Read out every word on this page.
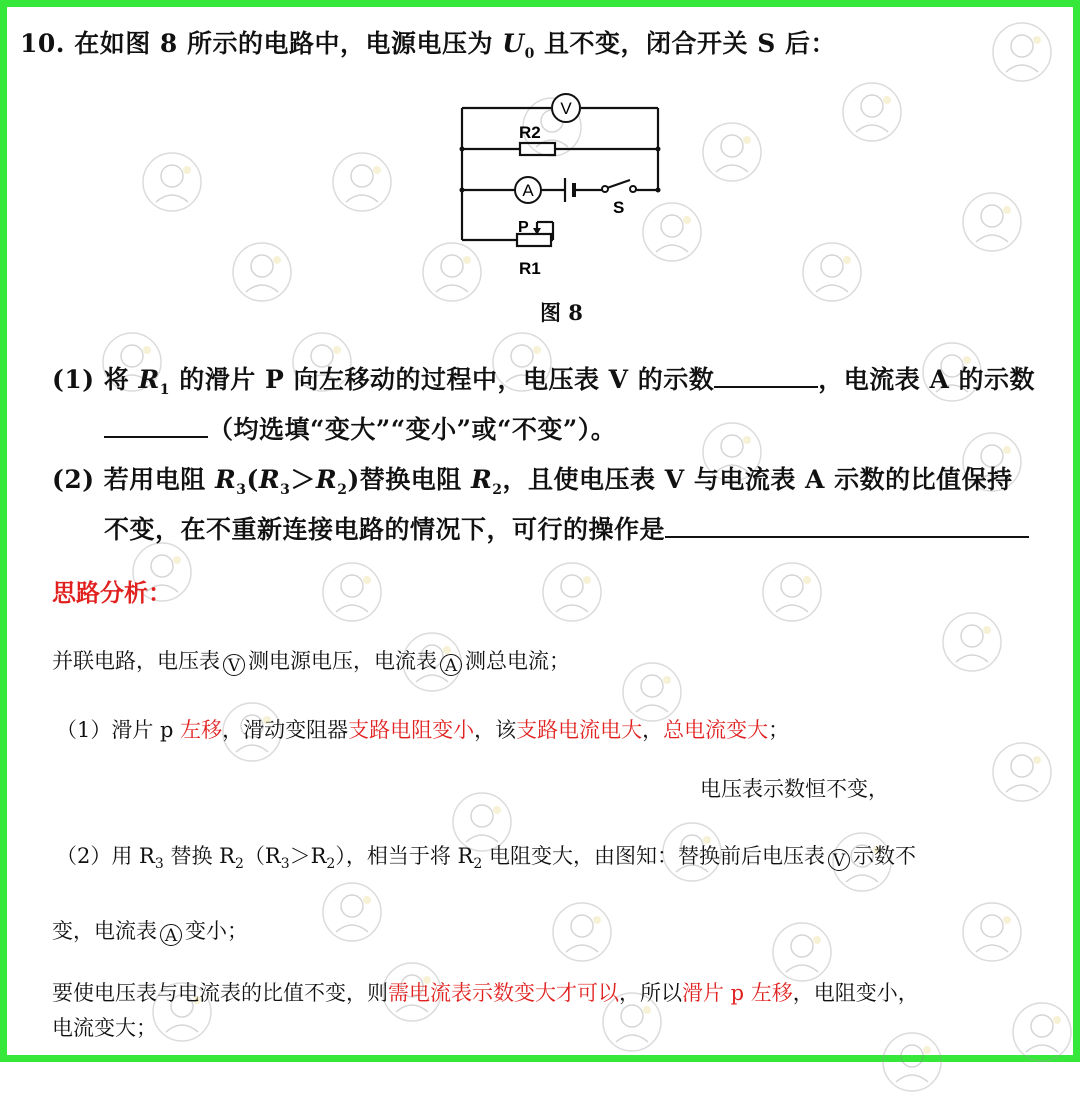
10. 在如图 8 所示的电路中，电源电压为 $U_0$ 且不变，闭合开关 S 后：
V
A
R2
R1
P
S
图 8
(1) 将 $R_1$ 的滑片 P 向左移动的过程中，电压表 V 的示数	，电流表 A 的示数
（均选填“变大”“变小”或“不变”）。
(2) 若用电阻 $R_3(R_3>R_2)$替换电阻 $R_2$，且使电压表 V 与电流表 A 示数的比值保持
不变，在不重新连接电路的情况下，可行的操作是
思路分析：
并联电路，电压表 V 测电源电压，电流表 A 测总电流；
（1）滑片 p 左移，滑动变阻器支路电阻变小，该支路电流电大，总电流变大；
电压表示数恒不变，
（2）用 $R_3$ 替换 $R_2(R_3>R_2)$，相当于将 $R_2$ 电阻变大，由图知：替换前后电压表 V 示数不
变，电流表 A 变小；
要使电压表与电流表的比值不变，则需电流表示数变大才可以，所以滑片 p 左移，电阻变小，
电流变大；
